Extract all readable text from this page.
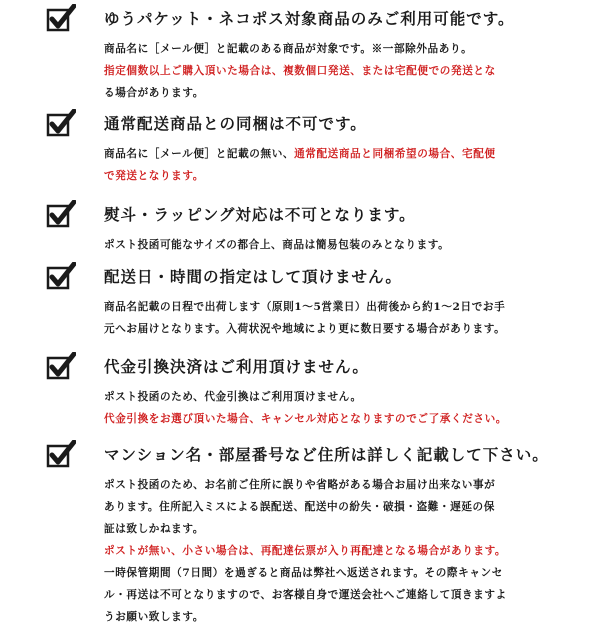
ゆうパケット・ネコポス対象商品のみご利用可能です。
商品名に［メール便］と記載のある商品が対象です。※一部除外品あり。
指定個数以上ご購入頂いた場合は、複数個口発送、または宅配便での発送とな
る場合があります。
通常配送商品との同梱は不可です。
商品名に［メール便］と記載の無い、通常配送商品と同梱希望の場合、宅配便
で発送となります。
熨斗・ラッピング対応は不可となります。
ポスト投函可能なサイズの都合上、商品は簡易包装のみとなります。
配送日・時間の指定はして頂けません。
商品名記載の日程で出荷します（原則1～5営業日）出荷後から約1～2日でお手
元へお届けとなります。入荷状況や地域により更に数日要する場合があります。
代金引換決済はご利用頂けません。
ポスト投函のため、代金引換はご利用頂けません。
代金引換をお選び頂いた場合、キャンセル対応となりますのでご了承ください。
マンション名・部屋番号など住所は詳しく記載して下さい。
ポスト投函のため、お名前ご住所に誤りや省略がある場合お届け出来ない事が
あります。住所記入ミスによる誤配送、配送中の紛失・破損・盗難・遅延の保
証は致しかねます。
ポストが無い、小さい場合は、再配達伝票が入り再配達となる場合があります。
一時保管期間（7日間）を過ぎると商品は弊社へ返送されます。その際キャンセ
ル・再送は不可となりますので、お客様自身で運送会社へご連絡して頂きますよ
うお願い致します。
